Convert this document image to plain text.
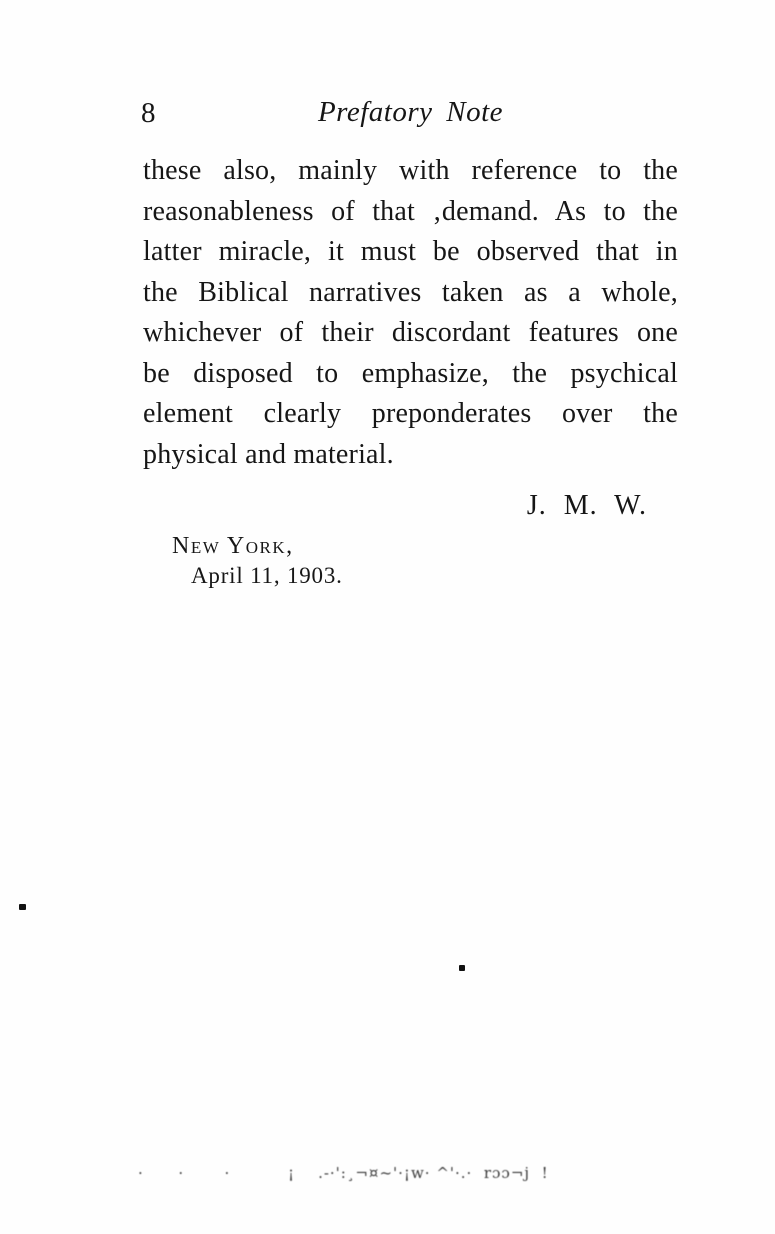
8	Prefatory Note
these also, mainly with reference to the
reasonableness of that ‚demand. As to the
latter miracle, it must be observed that in
the Biblical narratives taken as a whole,
whichever of their discordant features one
be disposed to emphasize, the psychical
element clearly preponderates over the
physical and material.
J. M. W.
New York,
April 11, 1903.
·      ·       ·          ¡    .-·':¸¬¤~'·¡w· ^'·.·  rɔɔ¬j  !
